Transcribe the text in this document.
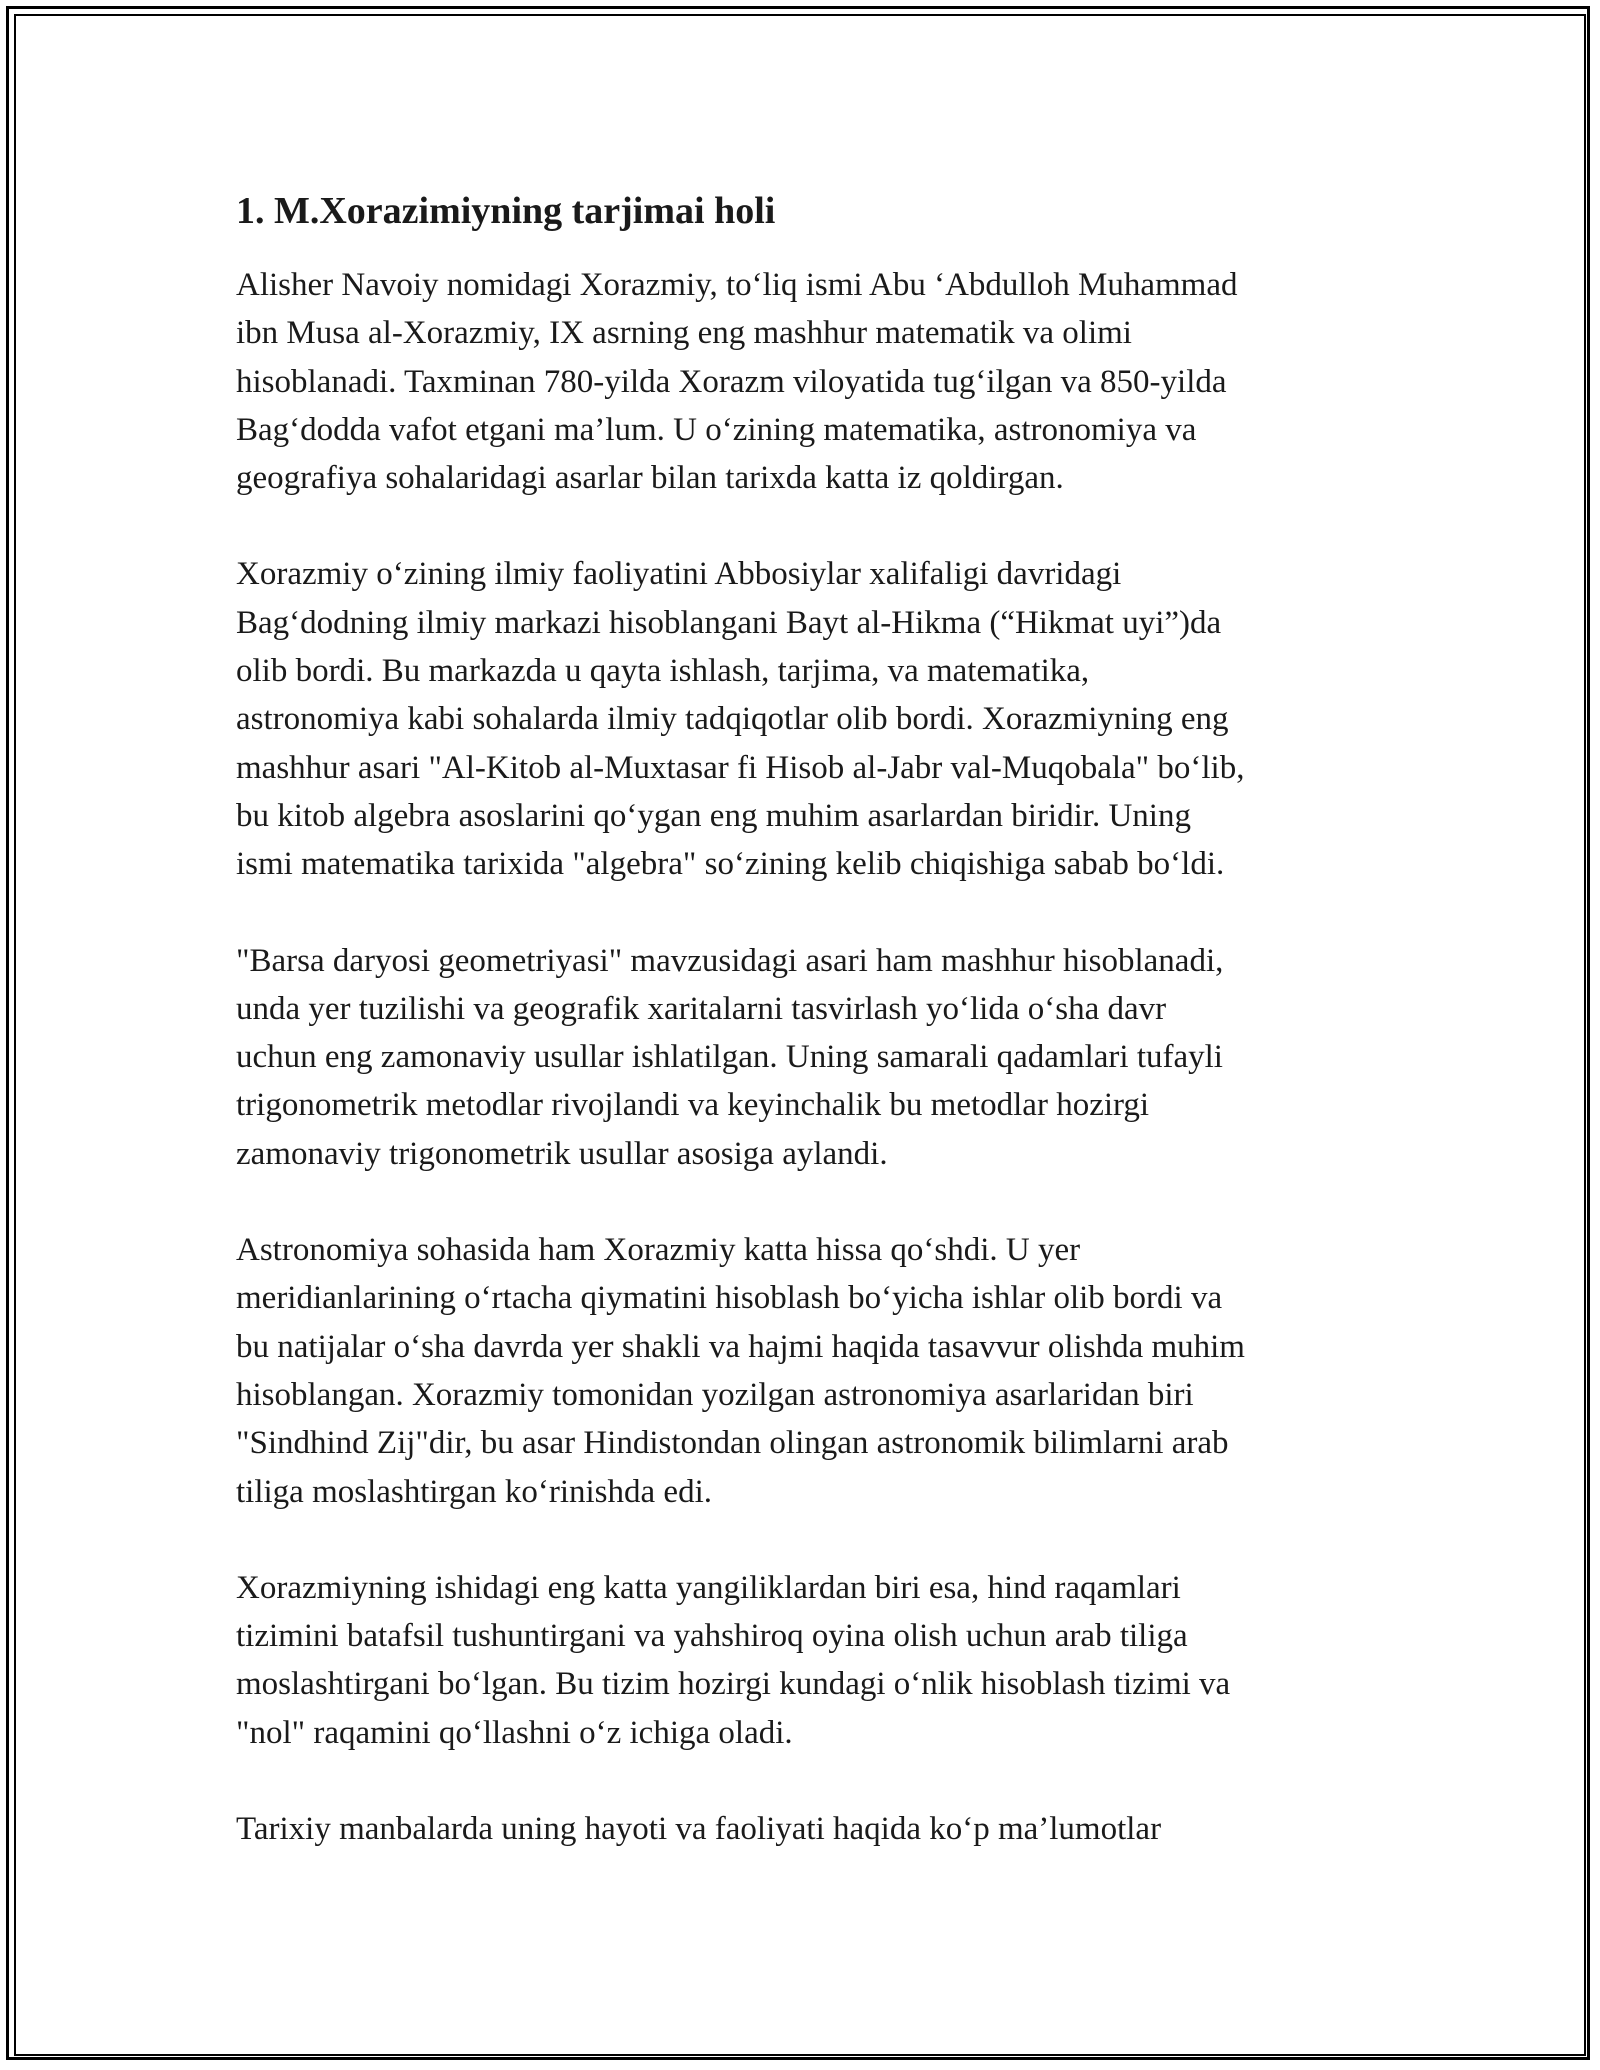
1. M.Xorazimiyning tarjimai holi
Alisher Navoiy nomidagi Xorazmiy, to‘liq ismi Abu ‘Abdulloh Muhammad
ibn Musa al-Xorazmiy, IX asrning eng mashhur matematik va olimi
hisoblanadi. Taxminan 780-yilda Xorazm viloyatida tug‘ilgan va 850-yilda
Bag‘dodda vafot etgani ma’lum. U o‘zining matematika, astronomiya va
geografiya sohalaridagi asarlar bilan tarixda katta iz qoldirgan.
Xorazmiy o‘zining ilmiy faoliyatini Abbosiylar xalifaligi davridagi
Bag‘dodning ilmiy markazi hisoblangani Bayt al-Hikma (“Hikmat uyi”)da
olib bordi. Bu markazda u qayta ishlash, tarjima, va matematika,
astronomiya kabi sohalarda ilmiy tadqiqotlar olib bordi. Xorazmiyning eng
mashhur asari "Al-Kitob al-Muxtasar fi Hisob al-Jabr val-Muqobala" bo‘lib,
bu kitob algebra asoslarini qo‘ygan eng muhim asarlardan biridir. Uning
ismi matematika tarixida "algebra" so‘zining kelib chiqishiga sabab bo‘ldi.
"Barsa daryosi geometriyasi" mavzusidagi asari ham mashhur hisoblanadi,
unda yer tuzilishi va geografik xaritalarni tasvirlash yo‘lida o‘sha davr
uchun eng zamonaviy usullar ishlatilgan. Uning samarali qadamlari tufayli
trigonometrik metodlar rivojlandi va keyinchalik bu metodlar hozirgi
zamonaviy trigonometrik usullar asosiga aylandi.
Astronomiya sohasida ham Xorazmiy katta hissa qo‘shdi. U yer
meridianlarining o‘rtacha qiymatini hisoblash bo‘yicha ishlar olib bordi va
bu natijalar o‘sha davrda yer shakli va hajmi haqida tasavvur olishda muhim
hisoblangan. Xorazmiy tomonidan yozilgan astronomiya asarlaridan biri
"Sindhind Zij"dir, bu asar Hindistondan olingan astronomik bilimlarni arab
tiliga moslashtirgan ko‘rinishda edi.
Xorazmiyning ishidagi eng katta yangiliklardan biri esa, hind raqamlari
tizimini batafsil tushuntirgani va yahshiroq oyina olish uchun arab tiliga
moslashtirgani bo‘lgan. Bu tizim hozirgi kundagi o‘nlik hisoblash tizimi va
"nol" raqamini qo‘llashni o‘z ichiga oladi.
Tarixiy manbalarda uning hayoti va faoliyati haqida ko‘p ma’lumotlar
